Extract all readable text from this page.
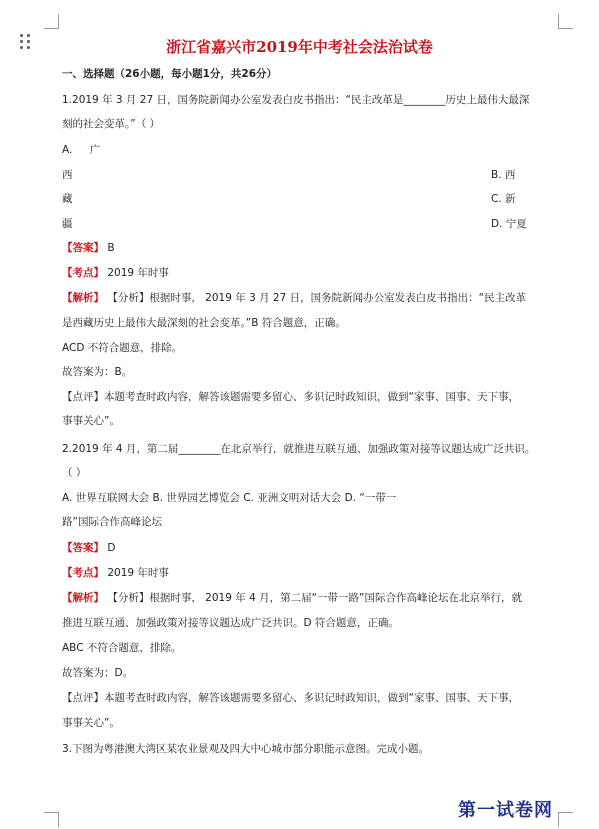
浙江省嘉兴市2019年中考社会法治试卷
一、选择题（26小题，每小题1分，共26分）
1.2019 年 3 月 27 日，国务院新闻办公室发表白皮书指出：“民主改革是________历史上最伟大最深
刻的社会变革。”（ ）
A. 广
西	B. 西
藏	C. 新
疆	D. 宁夏
【答案】 B
【考点】 2019 年时事
【解析】 【分析】根据时事， 2019 年 3 月 27 日，国务院新闻办公室发表白皮书指出：“民主改革
是西藏历史上最伟大最深刻的社会变革。”B 符合题意，正确。
ACD 不符合题意，排除。
故答案为：B。
【点评】本题考查时政内容，解答该题需要多留心、多识记时政知识，做到“家事、国事、天下事，
事事关心”。
2.2019 年 4 月，第二届________在北京举行，就推进互联互通、加强政策对接等议题达成广泛共识。
（ ）
A. 世界互联网大会 B. 世界园艺博览会 C. 亚洲文明对话大会 D. “一带一
路”国际合作高峰论坛
【答案】 D
【考点】 2019 年时事
【解析】 【分析】根据时事， 2019 年 4 月，第二届“一带一路”国际合作高峰论坛在北京举行，就
推进互联互通、加强政策对接等议题达成广泛共识。D 符合题意，正确。
ABC 不符合题意，排除。
故答案为：D。
【点评】本题考查时政内容，解答该题需要多留心、多识记时政知识，做到“家事、国事、天下事，
事事关心”。
3.下图为粤港澳大湾区某农业景观及四大中心城市部分职能示意图。完成小题。
第一试卷网
